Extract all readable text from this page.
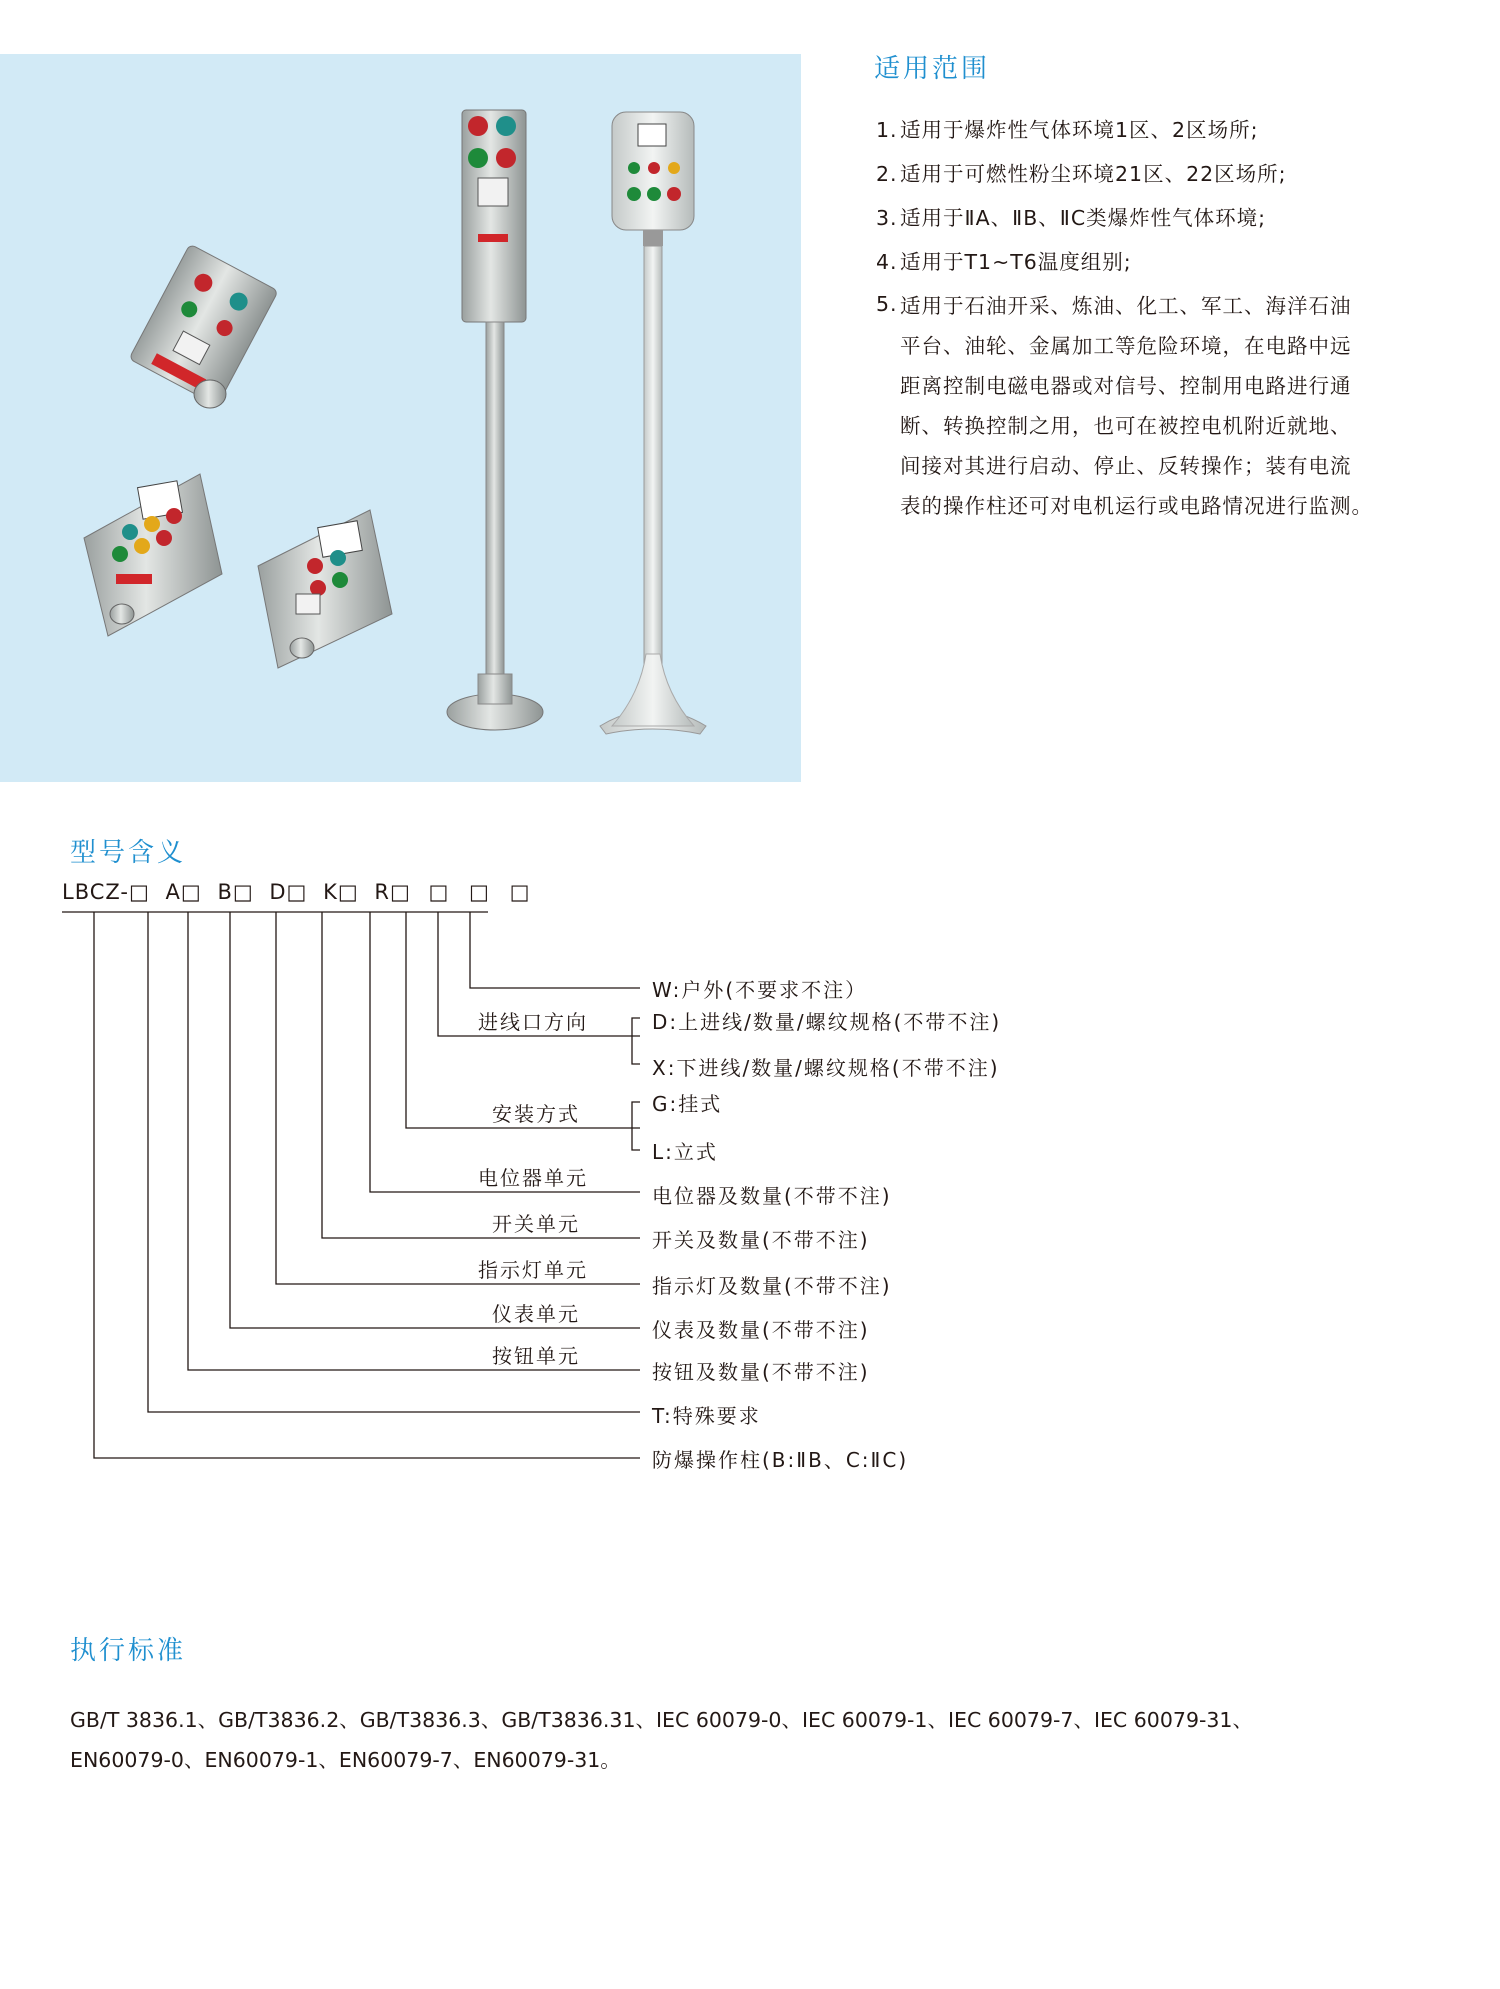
适用范围
1. 适用于爆炸性气体环境1区、2区场所;
2. 适用于可燃性粉尘环境21区、22区场所;
3. 适用于ⅡA、ⅡB、ⅡC类爆炸性气体环境;
4. 适用于T1~T6温度组别;
5. 适用于石油开采、炼油、化工、军工、海洋石油
平台、油轮、金属加工等危险环境，在电路中远
距离控制电磁电器或对信号、控制用电路进行通
断、转换控制之用，也可在被控电机附近就地、
间接对其进行启动、停止、反转操作；装有电流
表的操作柱还可对电机运行或电路情况进行监测。
型号含义
LBCZ-□ A□ B□ D□ K□ R□ □ □ □
进线口方向
安装方式
电位器单元
开关单元
指示灯单元
仪表单元
按钮单元
W:户外(不要求不注）
D:上进线/数量/螺纹规格(不带不注)
X:下进线/数量/螺纹规格(不带不注)
G:挂式
L:立式
电位器及数量(不带不注)
开关及数量(不带不注)
指示灯及数量(不带不注)
仪表及数量(不带不注)
按钮及数量(不带不注)
T:特殊要求
防爆操作柱(B:ⅡB、C:ⅡC)
执行标准

GB/T 3836.1、GB/T3836.2、GB/T3836.3、GB/T3836.31、IEC 60079-0、IEC 60079-1、IEC 60079-7、IEC 60079-31、

EN60079-0、EN60079-1、EN60079-7、EN60079-31。
